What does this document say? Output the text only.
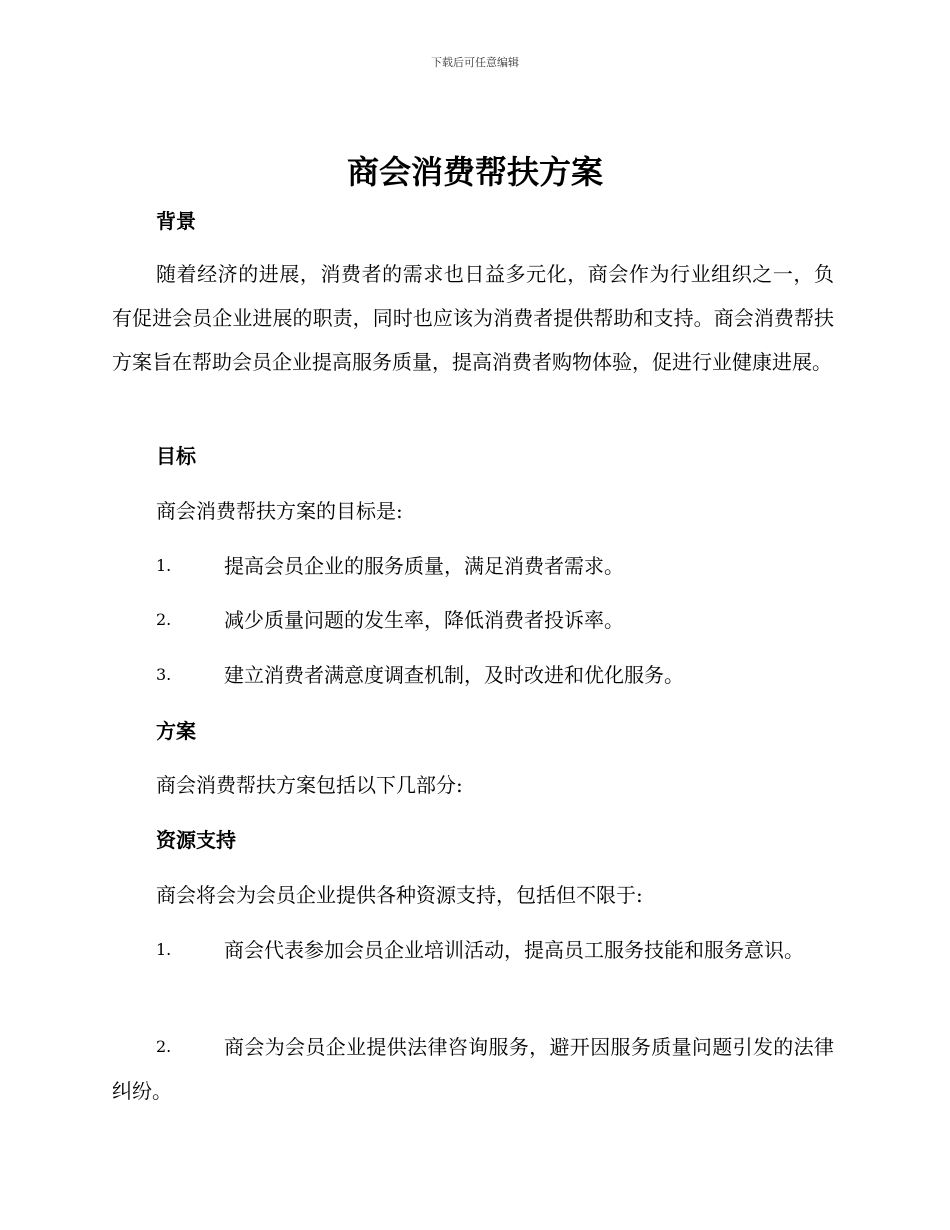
下载后可任意编辑
商会消费帮扶方案
背景
随着经济的进展，消费者的需求也日益多元化，商会作为行业组织之一，负有促进会员企业进展的职责，同时也应该为消费者提供帮助和支持。商会消费帮扶方案旨在帮助会员企业提高服务质量，提高消费者购物体验，促进行业健康进展。
目标
商会消费帮扶方案的目标是:
1.	提高会员企业的服务质量，满足消费者需求。
2.	减少质量问题的发生率，降低消费者投诉率。
3.	建立消费者满意度调查机制，及时改进和优化服务。
方案
商会消费帮扶方案包括以下几部分:
资源支持
商会将会为会员企业提供各种资源支持，包括但不限于:
1.	商会代表参加会员企业培训活动，提高员工服务技能和服务意识。
2.	商会为会员企业提供法律咨询服务，避开因服务质量问题引发的法律纠纷。
